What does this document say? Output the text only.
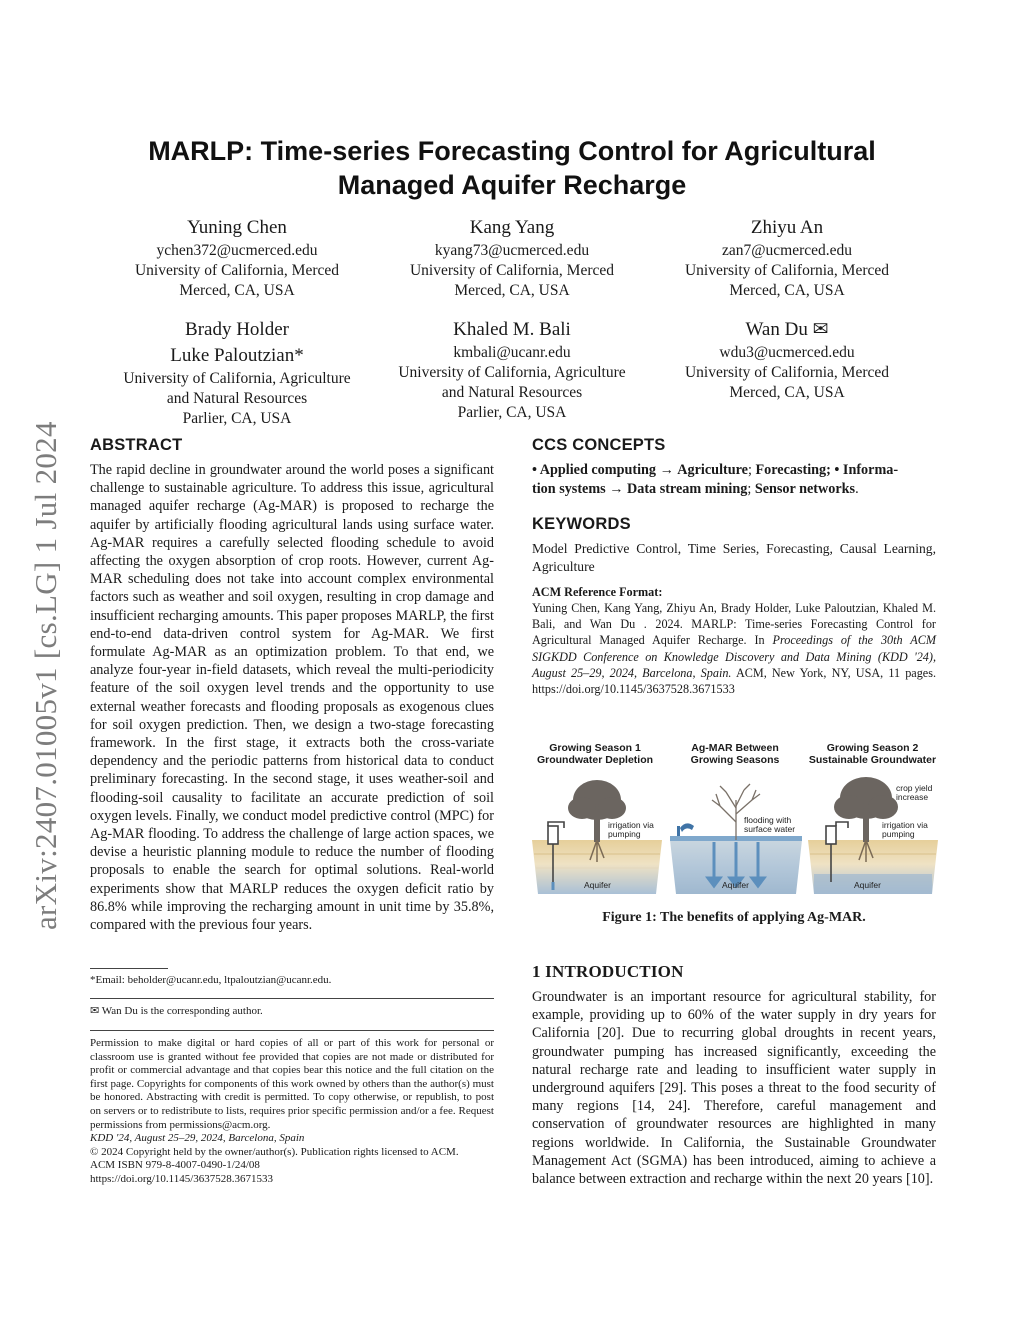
arXiv:2407.01005v1 [cs.LG] 1 Jul 2024
MARLP: Time-series Forecasting Control for Agricultural
Managed Aquifer Recharge
Yuning Chen
ychen372@ucmerced.edu
University of California, Merced
Merced, CA, USA
Kang Yang
kyang73@ucmerced.edu
University of California, Merced
Merced, CA, USA
Zhiyu An
zan7@ucmerced.edu
University of California, Merced
Merced, CA, USA
Brady Holder
Luke Paloutzian*
University of California, Agriculture
and Natural Resources
Parlier, CA, USA
Khaled M. Bali
kmbali@ucanr.edu
University of California, Agriculture
and Natural Resources
Parlier, CA, USA
Wan Du ✉
wdu3@ucmerced.edu
University of California, Merced
Merced, CA, USA
ABSTRACT

The rapid decline in groundwater around the world poses a significant challenge to sustainable agriculture. To address this issue, agricultural managed aquifer recharge (Ag-MAR) is proposed to recharge the aquifer by artificially flooding agricultural lands using surface water. Ag-MAR requires a carefully selected flooding schedule to avoid affecting the oxygen absorption of crop roots. However, current Ag-MAR scheduling does not take into account complex environmental factors such as weather and soil oxygen, resulting in crop damage and insufficient recharging amounts. This paper proposes MARLP, the first end-to-end data-driven control system for Ag-MAR. We first formulate Ag-MAR as an optimization problem. To that end, we analyze four-year in-field datasets, which reveal the multi-periodicity feature of the soil oxygen level trends and the opportunity to use external weather forecasts and flooding proposals as exogenous clues for soil oxygen prediction. Then, we design a two-stage forecasting framework. In the first stage, it extracts both the cross-variate dependency and the periodic patterns from historical data to conduct preliminary forecasting. In the second stage, it uses weather-soil and flooding-soil causality to facilitate an accurate prediction of soil oxygen levels. Finally, we conduct model predictive control (MPC) for Ag-MAR flooding. To address the challenge of large action spaces, we devise a heuristic planning module to reduce the number of flooding proposals to enable the search for optimal solutions. Real-world experiments show that MARLP reduces the oxygen deficit ratio by 86.8% while improving the recharging amount in unit time by 35.8%, compared with the previous four years.

*Email: beholder@ucanr.edu, ltpaloutzian@ucanr.edu.
✉ Wan Du is the corresponding author.
Permission to make digital or hard copies of all or part of this work for personal or classroom use is granted without fee provided that copies are not made or distributed for profit or commercial advantage and that copies bear this notice and the full citation on the first page. Copyrights for components of this work owned by others than the author(s) must be honored. Abstracting with credit is permitted. To copy otherwise, or republish, to post on servers or to redistribute to lists, requires prior specific permission and/or a fee. Request permissions from permissions@acm.org.
KDD '24, August 25–29, 2024, Barcelona, Spain
© 2024 Copyright held by the owner/author(s). Publication rights licensed to ACM.
ACM ISBN 979-8-4007-0490-1/24/08
https://doi.org/10.1145/3637528.3671533
CCS CONCEPTS
• Applied computing → Agriculture; Forecasting; • Informa-
tion systems → Data stream mining; Sensor networks.
KEYWORDS

Model Predictive Control, Time Series, Forecasting, Causal Learning, Agriculture

ACM Reference Format:
Yuning Chen, Kang Yang, Zhiyu An, Brady Holder, Luke Paloutzian, Khaled M. Bali, and Wan Du . 2024. MARLP: Time-series Forecasting Control for Agricultural Managed Aquifer Recharge. In Proceedings of the 30th ACM SIGKDD Conference on Knowledge Discovery and Data Mining (KDD '24), August 25–29, 2024, Barcelona, Spain. ACM, New York, NY, USA, 11 pages. https://doi.org/10.1145/3637528.3671533
Growing Season 1
Groundwater Depletion
Ag-MAR Between
Growing Seasons
Growing Season 2
Sustainable Groundwater
irrigation via
pumping
Aquifer
flooding with
surface water
Aquifer
crop yield
increase
irrigation via
pumping
Aquifer
Figure 1: The benefits of applying Ag-MAR.
1 INTRODUCTION

Groundwater is an important resource for agricultural stability, for example, providing up to 60% of the water supply in dry years for California [20]. Due to recurring global droughts in recent years, groundwater pumping has increased significantly, exceeding the natural recharge rate and leading to insufficient water supply in underground aquifers [29]. This poses a threat to the food security of many regions [14, 24]. Therefore, careful management and conservation of groundwater resources are highlighted in many regions worldwide. In California, the Sustainable Groundwater Management Act (SGMA) has been introduced, aiming to achieve a balance between extraction and recharge within the next 20 years [10].
